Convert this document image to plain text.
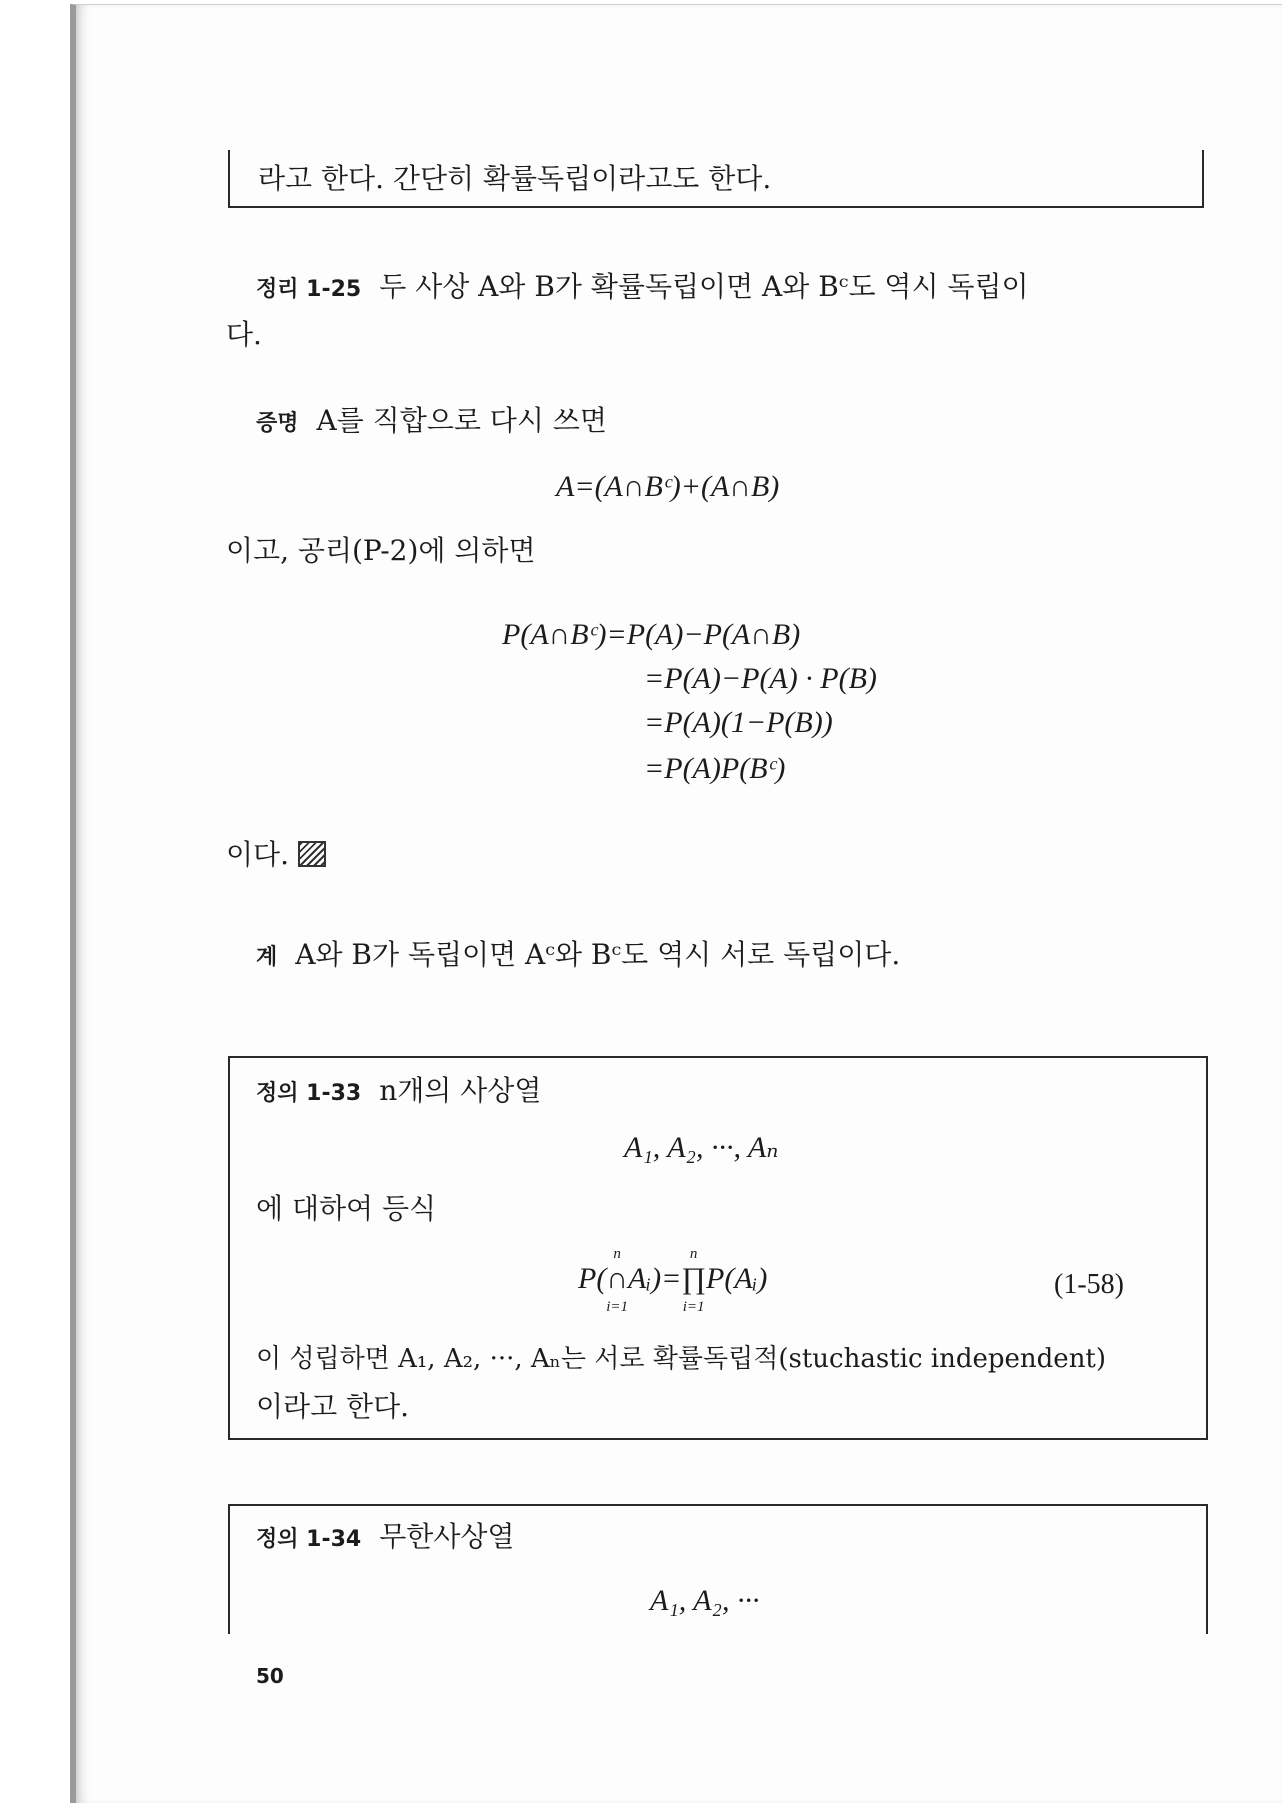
라고 한다. 간단히 확률독립이라고도 한다.
정리 1-25 두 사상 A와 B가 확률독립이면 A와 Bᶜ도 역시 독립이
다.
증명 A를 직합으로 다시 쓰면
A=(A∩Bᶜ)+(A∩B)
이고, 공리(P-2)에 의하면
P(A∩Bᶜ)=P(A)−P(A∩B)
=P(A)−P(A) · P(B)
=P(A)(1−P(B))
=P(A)P(Bᶜ)
이다.
계 A와 B가 독립이면 Aᶜ와 Bᶜ도 역시 서로 독립이다.
정의 1-33 n개의 사상열
A₁, A₂, ···, Aₙ
에 대하여 등식
P(
n
∩
i=1
Aᵢ)=
n
∏
i=1
P(Aᵢ)	(1-58)
이 성립하면 A₁, A₂, ···, Aₙ는 서로 확률독립적(stuchastic independent)
이라고 한다.
정의 1-34 무한사상열
A₁, A₂, ···
50
